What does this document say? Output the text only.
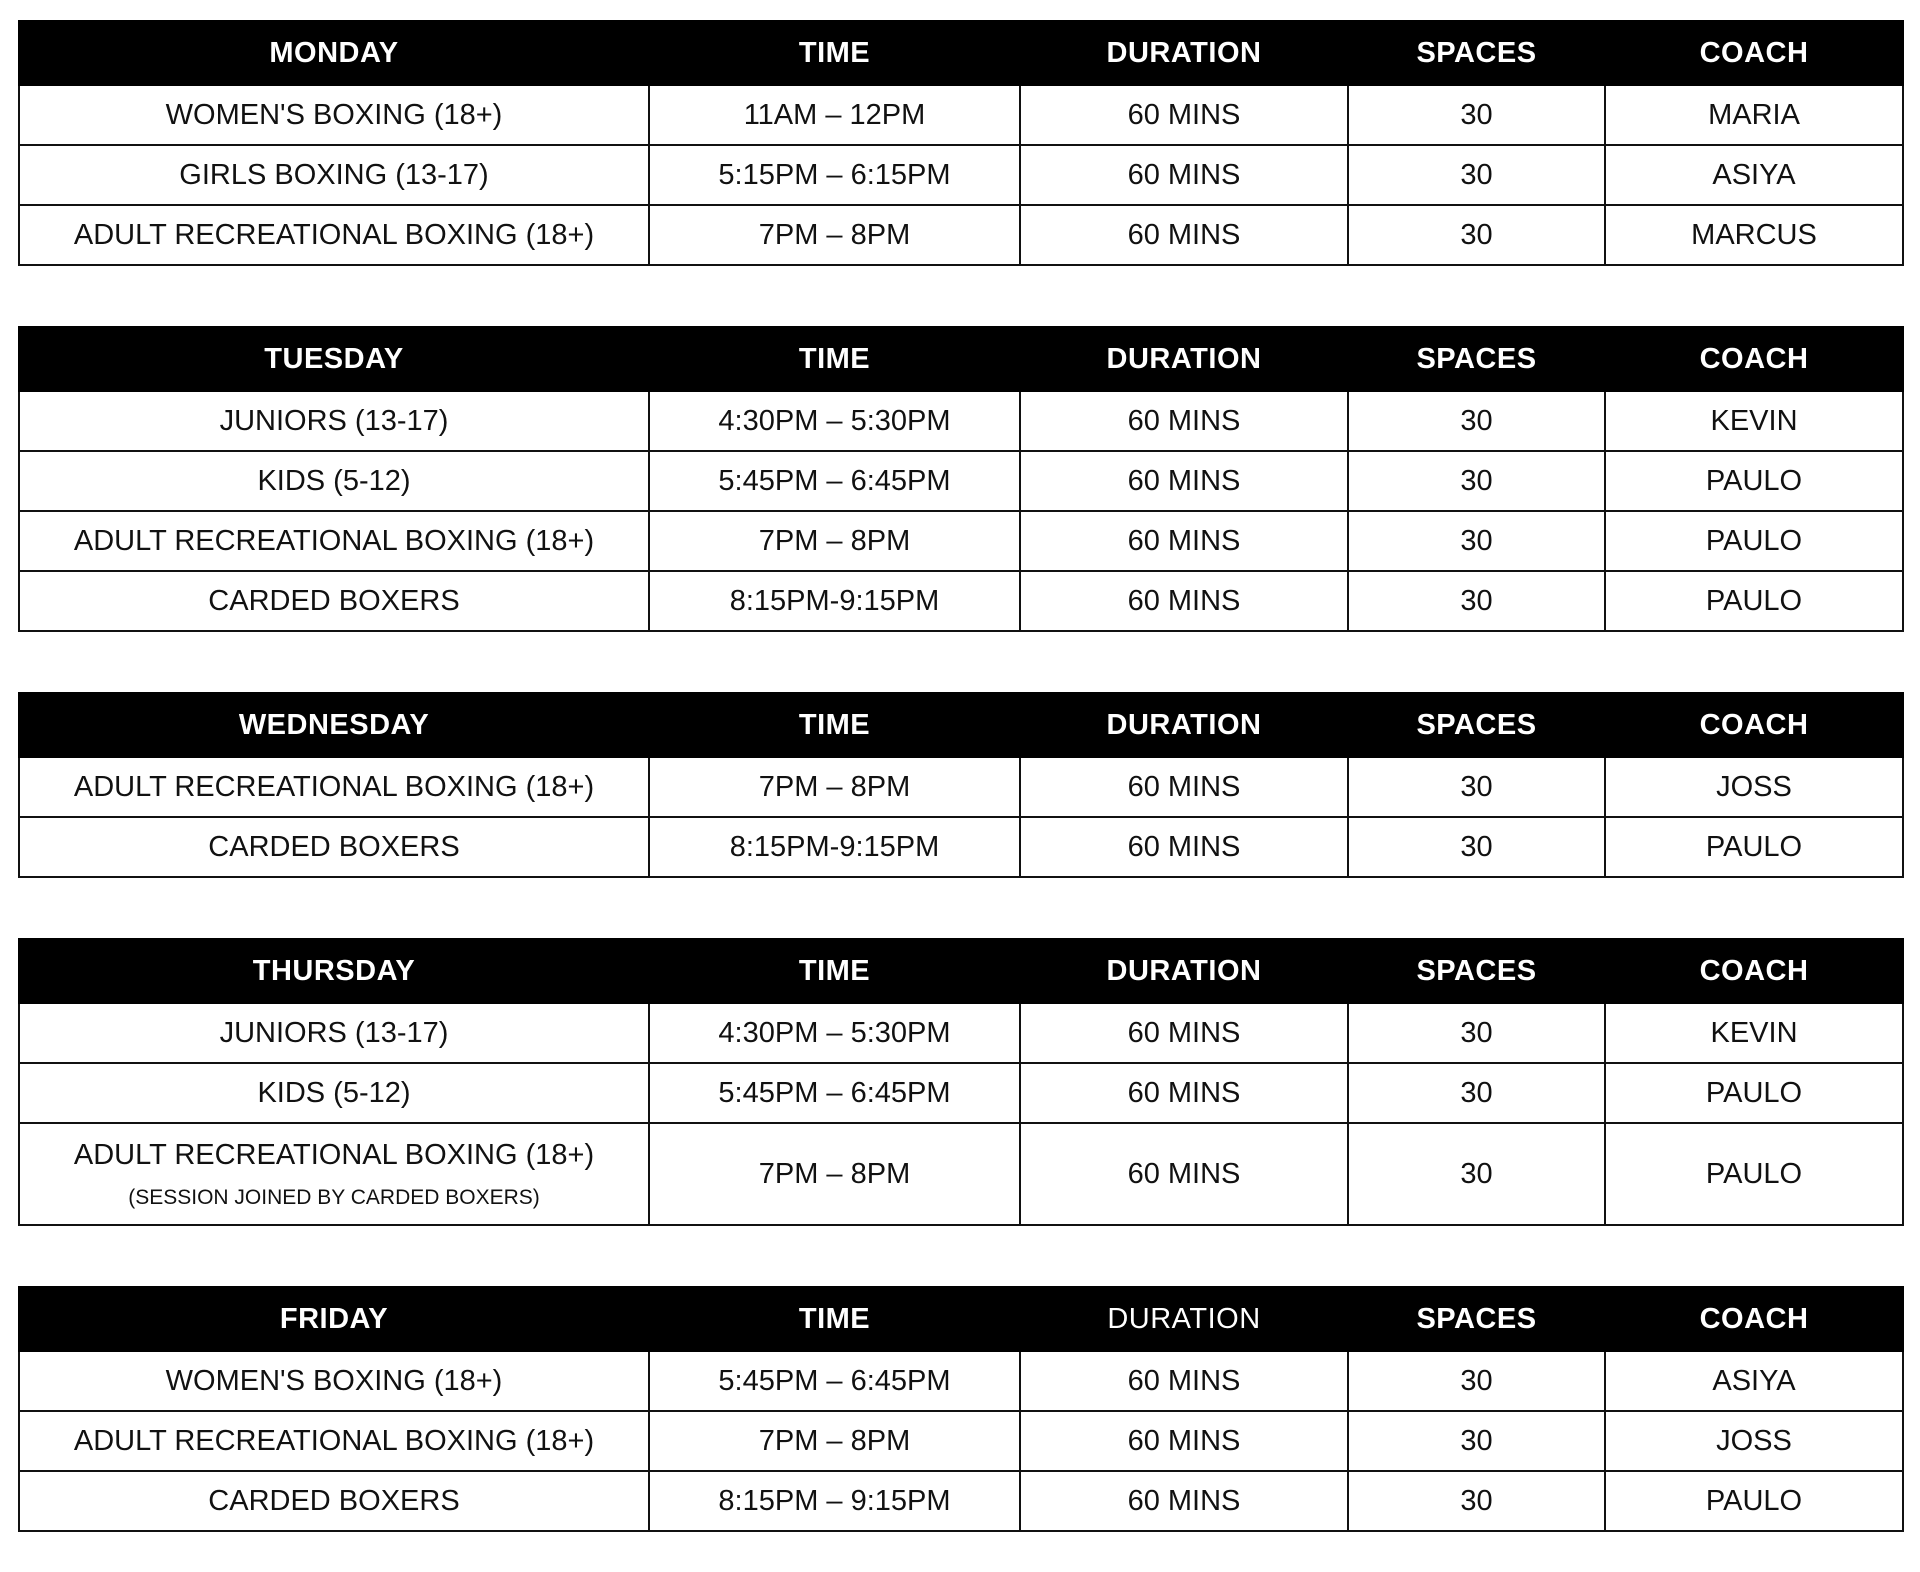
MONDAY	TIME	DURATION	SPACES	COACH
WOMEN'S BOXING (18+)	11AM – 12PM	60 MINS	30	MARIA
GIRLS BOXING (13-17)	5:15PM – 6:15PM	60 MINS	30	ASIYA
ADULT RECREATIONAL BOXING (18+)	7PM – 8PM	60 MINS	30	MARCUS
TUESDAY	TIME	DURATION	SPACES	COACH
JUNIORS (13-17)	4:30PM – 5:30PM	60 MINS	30	KEVIN
KIDS (5-12)	5:45PM – 6:45PM	60 MINS	30	PAULO
ADULT RECREATIONAL BOXING (18+)	7PM – 8PM	60 MINS	30	PAULO
CARDED BOXERS	8:15PM-9:15PM	60 MINS	30	PAULO
WEDNESDAY	TIME	DURATION	SPACES	COACH
ADULT RECREATIONAL BOXING (18+)	7PM – 8PM	60 MINS	30	JOSS
CARDED BOXERS	8:15PM-9:15PM	60 MINS	30	PAULO
THURSDAY	TIME	DURATION	SPACES	COACH
JUNIORS (13-17)	4:30PM – 5:30PM	60 MINS	30	KEVIN
KIDS (5-12)	5:45PM – 6:45PM	60 MINS	30	PAULO
ADULT RECREATIONAL BOXING (18+)
(SESSION JOINED BY CARDED BOXERS)	7PM – 8PM	60 MINS	30	PAULO
FRIDAY	TIME	DURATION	SPACES	COACH
WOMEN'S BOXING (18+)	5:45PM – 6:45PM	60 MINS	30	ASIYA
ADULT RECREATIONAL BOXING (18+)	7PM – 8PM	60 MINS	30	JOSS
CARDED BOXERS	8:15PM – 9:15PM	60 MINS	30	PAULO
